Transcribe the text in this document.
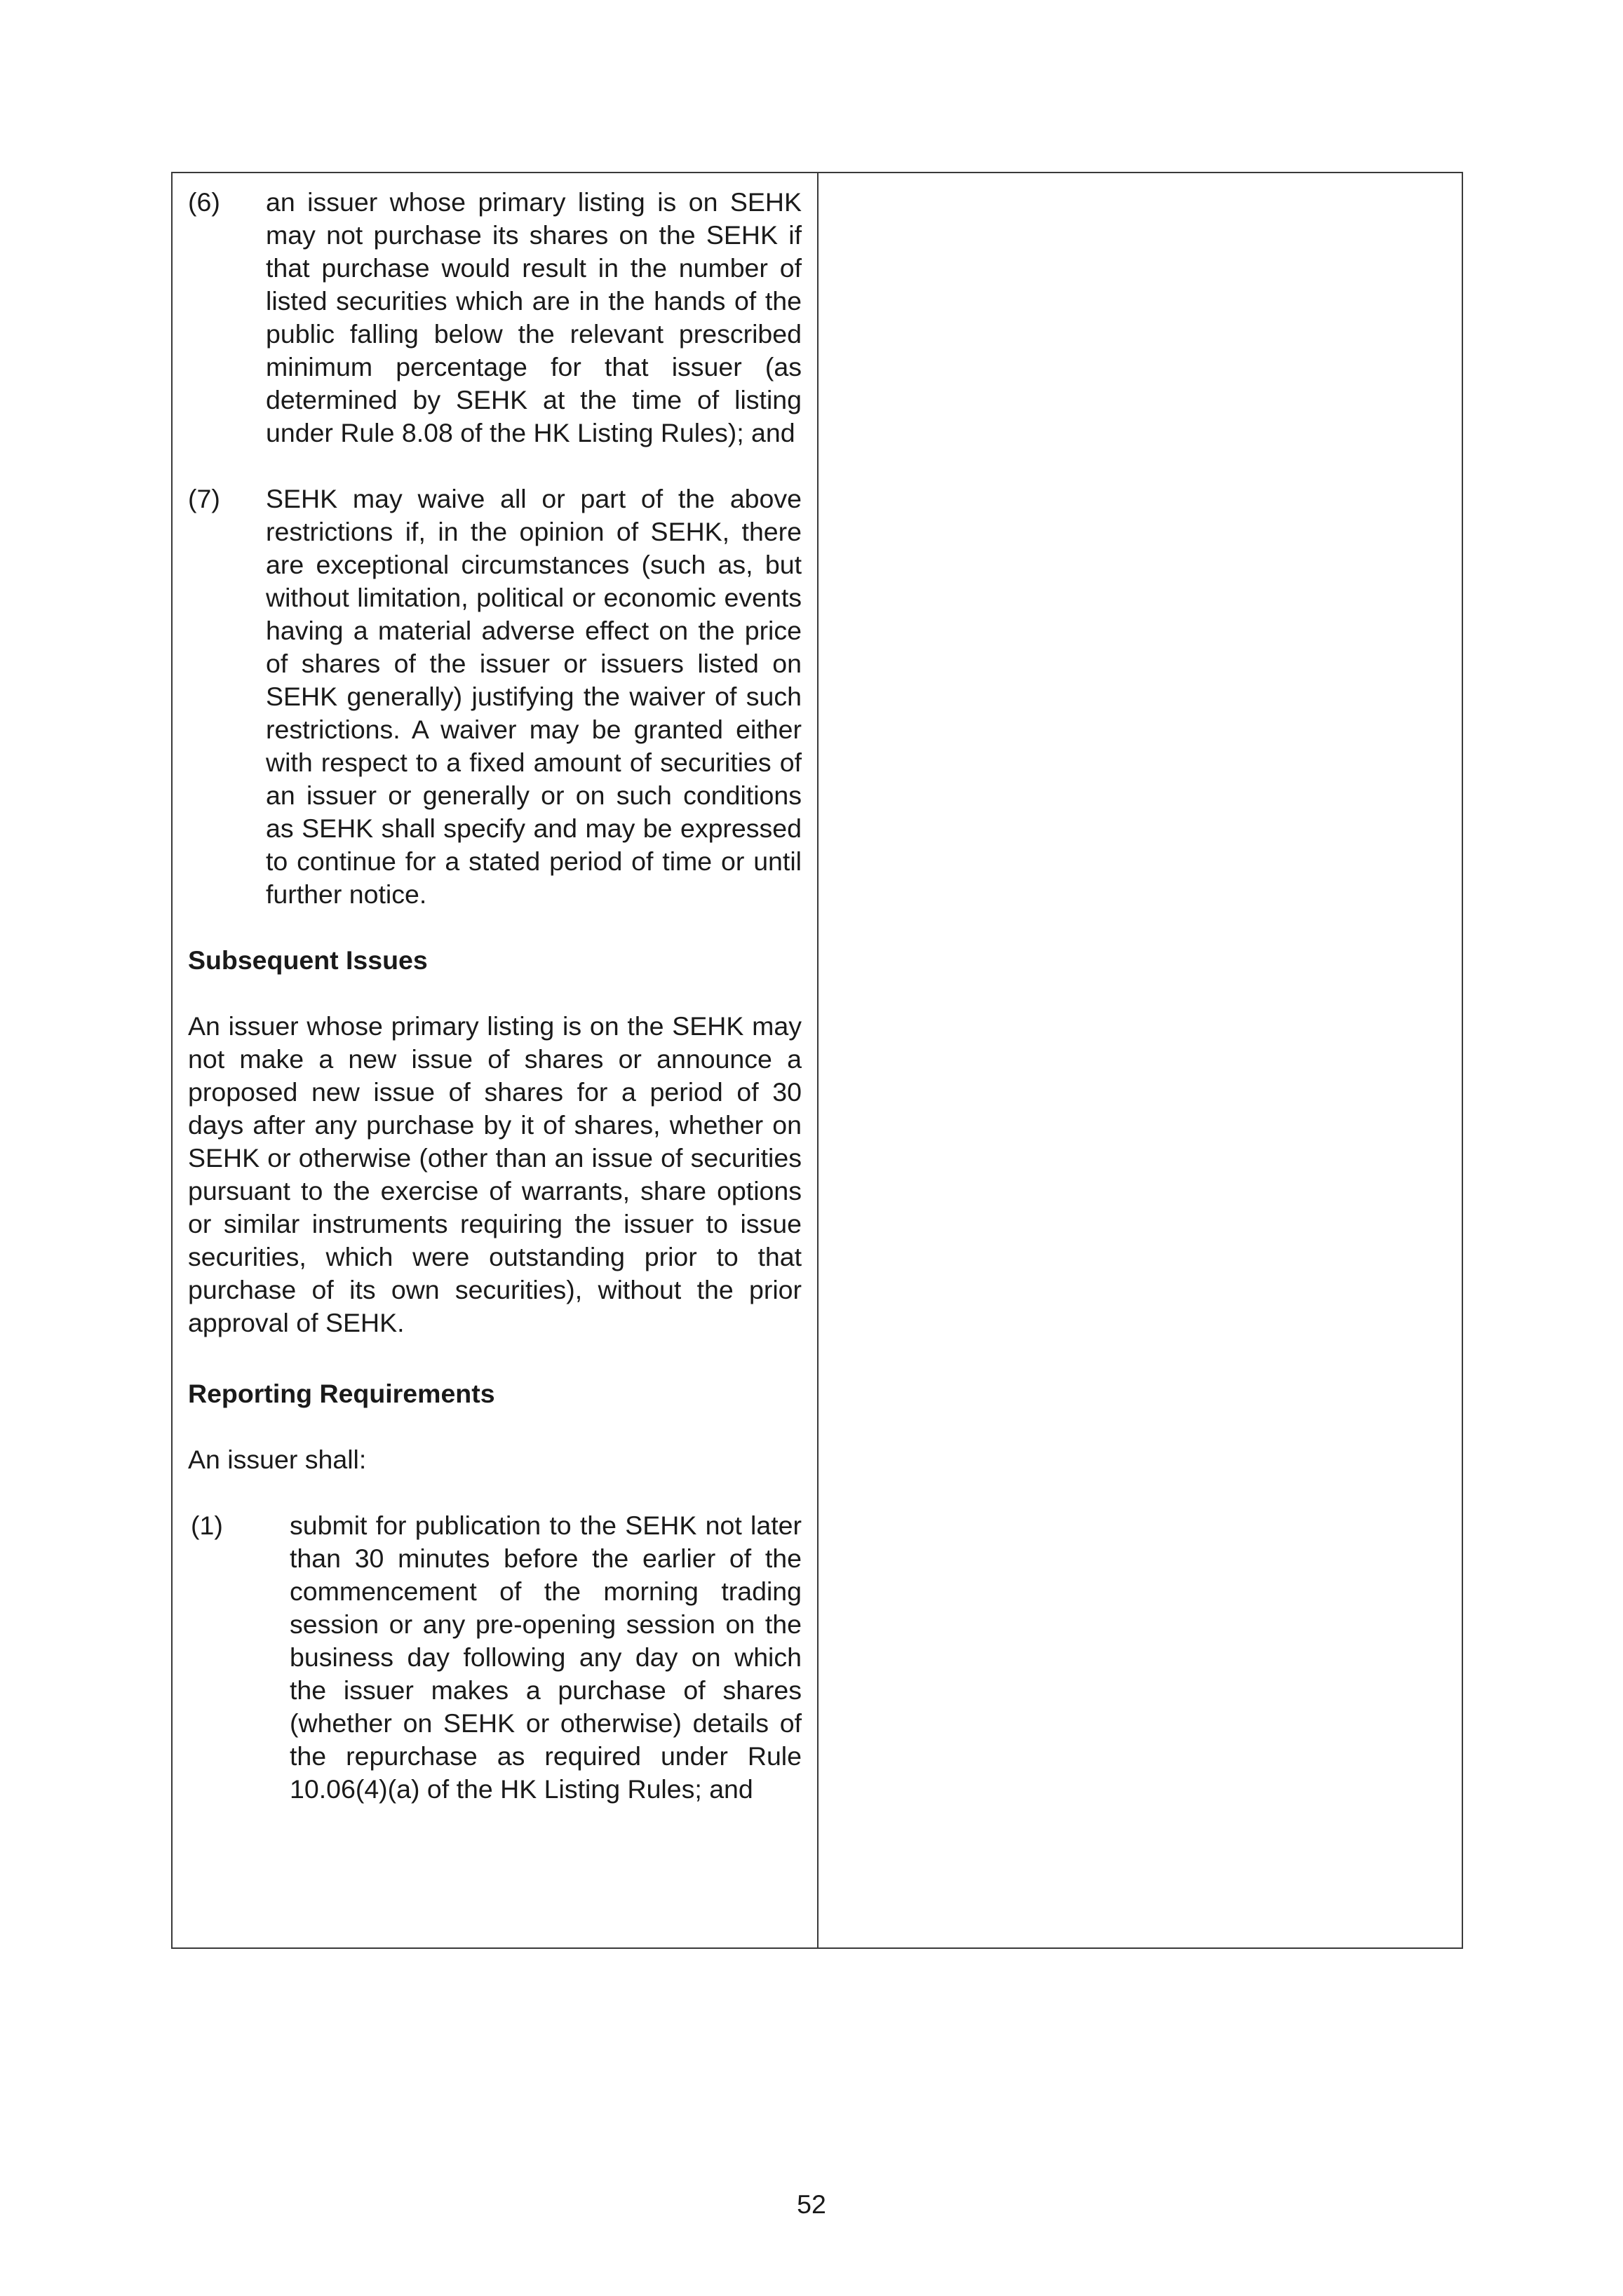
(6)	an issuer whose primary listing is on SEHK may not purchase its shares on the SEHK if that purchase would result in the number of listed securities which are in the hands of the public falling below the relevant prescribed minimum percentage for that issuer (as determined by SEHK at the time of listing under Rule 8.08 of the HK Listing Rules); and
(7)	SEHK may waive all or part of the above restrictions if, in the opinion of SEHK, there are exceptional circumstances (such as, but without limitation, political or economic events having a material adverse effect on the price of shares of the issuer or issuers listed on SEHK generally) justifying the waiver of such restrictions. A waiver may be granted either with respect to a fixed amount of securities of an issuer or generally or on such conditions as SEHK shall specify and may be expressed to continue for a stated period of time or until further notice.
Subsequent Issues
An issuer whose primary listing is on the SEHK may not make a new issue of shares or announce a proposed new issue of shares for a period of 30 days after any purchase by it of shares, whether on SEHK or otherwise (other than an issue of securities pursuant to the exercise of warrants, share options or similar instruments requiring the issuer to issue securities, which were outstanding prior to that purchase of its own securities), without the prior approval of SEHK.
Reporting Requirements
An issuer shall:
(1)	submit for publication to the SEHK not later than 30 minutes before the earlier of the commencement of the morning trading session or any pre-opening session on the business day following any day on which the issuer makes a purchase of shares (whether on SEHK or otherwise) details of the repurchase as required under Rule 10.06(4)(a) of the HK Listing Rules; and
52
